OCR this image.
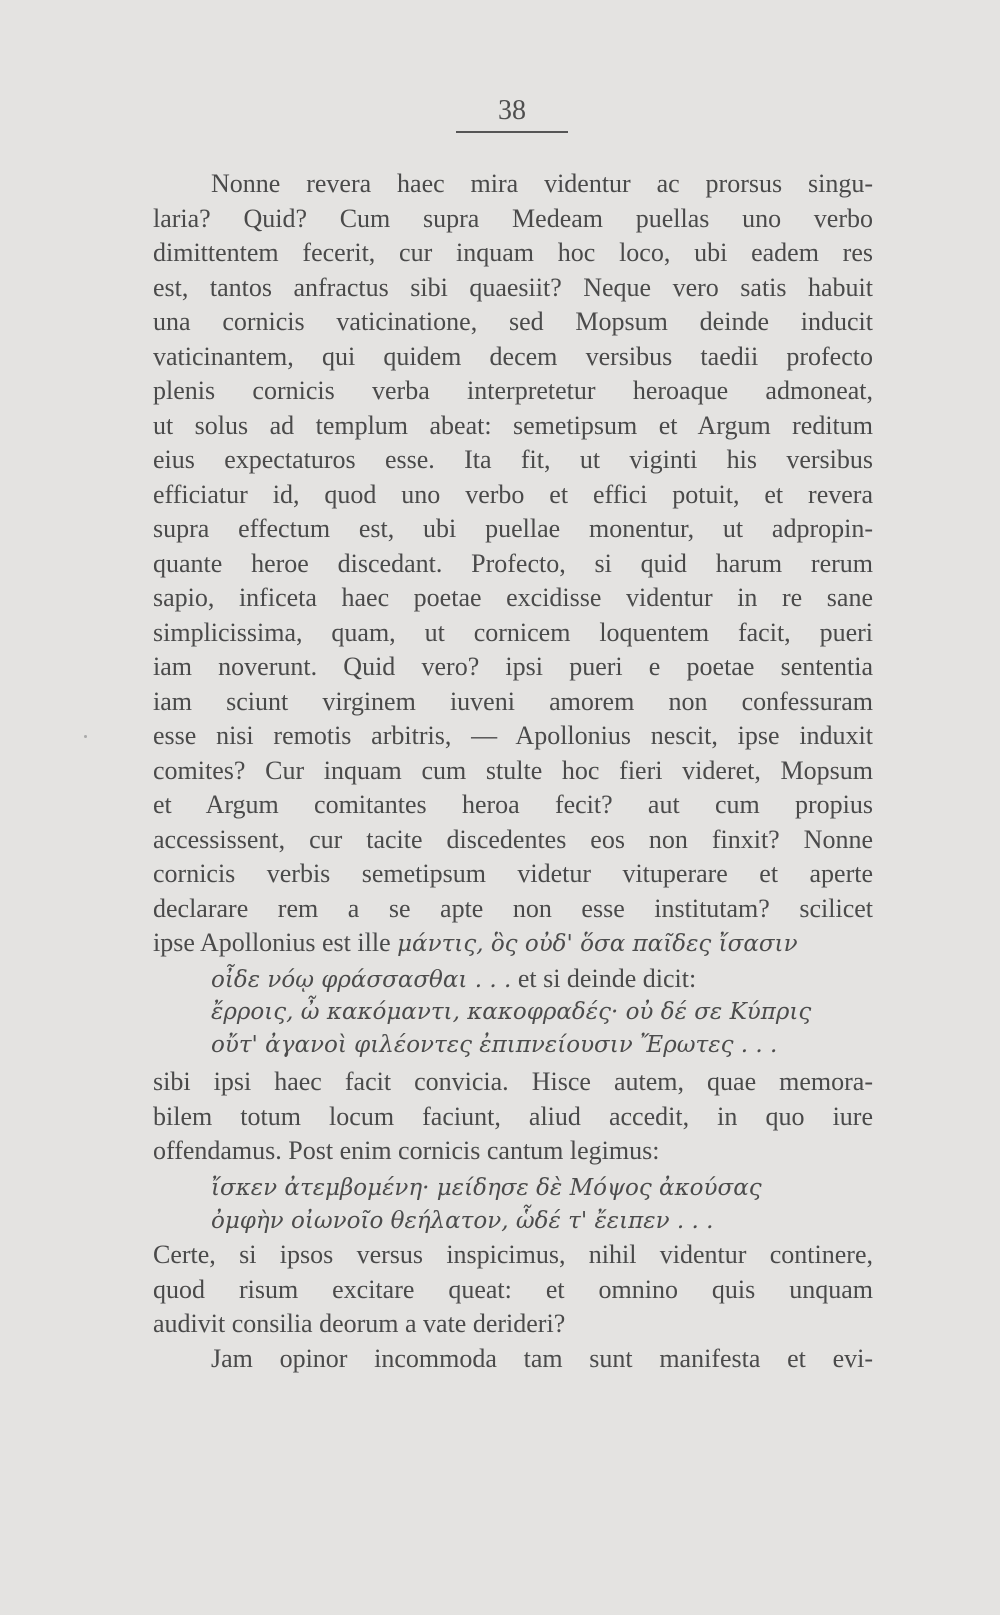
38
Nonne revera haec mira videntur ac prorsus singu-
laria? Quid? Cum supra Medeam puellas uno verbo
dimittentem fecerit, cur inquam hoc loco, ubi eadem res
est, tantos anfractus sibi quaesiit? Neque vero satis habuit
una cornicis vaticinatione, sed Mopsum deinde inducit
vaticinantem, qui quidem decem versibus taedii profecto
plenis cornicis verba interpretetur heroaque admoneat,
ut solus ad templum abeat: semetipsum et Argum reditum
eius expectaturos esse. Ita fit, ut viginti his versibus
efficiatur id, quod uno verbo et effici potuit, et revera
supra effectum est, ubi puellae monentur, ut adpropin-
quante heroe discedant. Profecto, si quid harum rerum
sapio, inficeta haec poetae excidisse videntur in re sane
simplicissima, quam, ut cornicem loquentem facit, pueri
iam noverunt. Quid vero? ipsi pueri e poetae sententia
iam sciunt virginem iuveni amorem non confessuram
esse nisi remotis arbitris, — Apollonius nescit, ipse induxit
comites? Cur inquam cum stulte hoc fieri videret, Mopsum
et Argum comitantes heroa fecit? aut cum propius
accessissent, cur tacite discedentes eos non finxit? Nonne
cornicis verbis semetipsum videtur vituperare et aperte
declarare rem a se apte non esse institutam? scilicet
ipse Apollonius est ille μάντις, ὃς οὐδ' ὅσα παῖδες ἴσασιν
οἶδε νόῳ φράσσασθαι . . . et si deinde dicit:
ἔρροις, ὦ κακόμαντι, κακοφραδές· οὐ δέ σε Κύπρις
οὔτ' ἀγανοὶ φιλέοντες ἐπιπνείουσιν Ἔρωτες . . .
sibi ipsi haec facit convicia. Hisce autem, quae memora-
bilem totum locum faciunt, aliud accedit, in quo iure
offendamus. Post enim cornicis cantum legimus:
ἴσκεν ἀτεμβομένη· μείδησε δὲ Μόψος ἀκούσας
ὀμφὴν οἰωνοῖο θεήλατον, ὧδέ τ' ἔειπεν . . .
Certe, si ipsos versus inspicimus, nihil videntur continere,
quod risum excitare queat: et omnino quis unquam
audivit consilia deorum a vate derideri?
Jam opinor incommoda tam sunt manifesta et evi-
